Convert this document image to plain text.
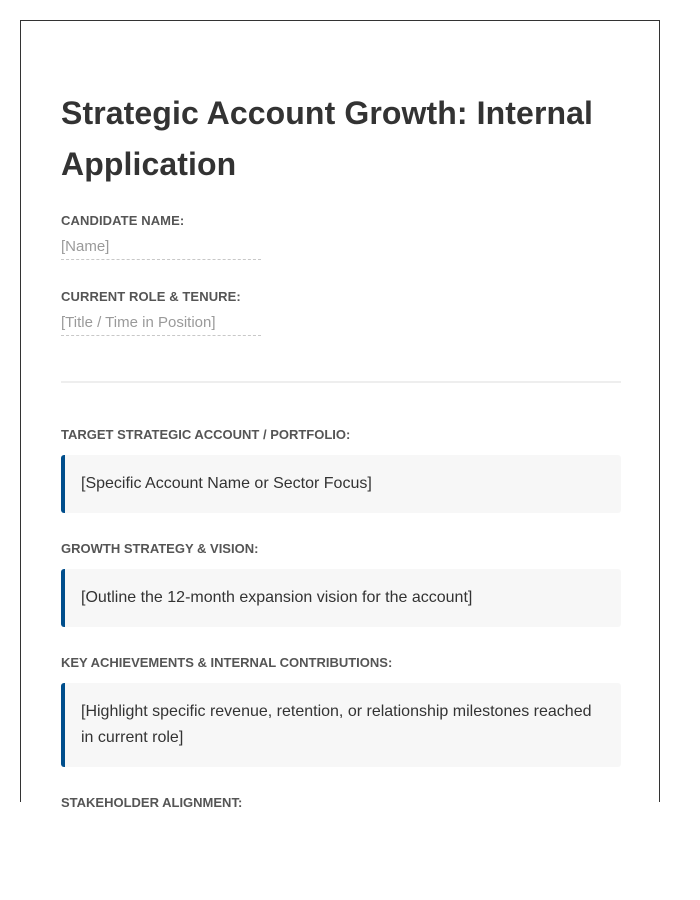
Strategic Account Growth: Internal Application
CANDIDATE NAME:
[Name]
CURRENT ROLE & TENURE:
[Title / Time in Position]
TARGET STRATEGIC ACCOUNT / PORTFOLIO:
[Specific Account Name or Sector Focus]
GROWTH STRATEGY & VISION:
[Outline the 12-month expansion vision for the account]
KEY ACHIEVEMENTS & INTERNAL CONTRIBUTIONS:
[Highlight specific revenue, retention, or relationship milestones reached in current role]
STAKEHOLDER ALIGNMENT:
